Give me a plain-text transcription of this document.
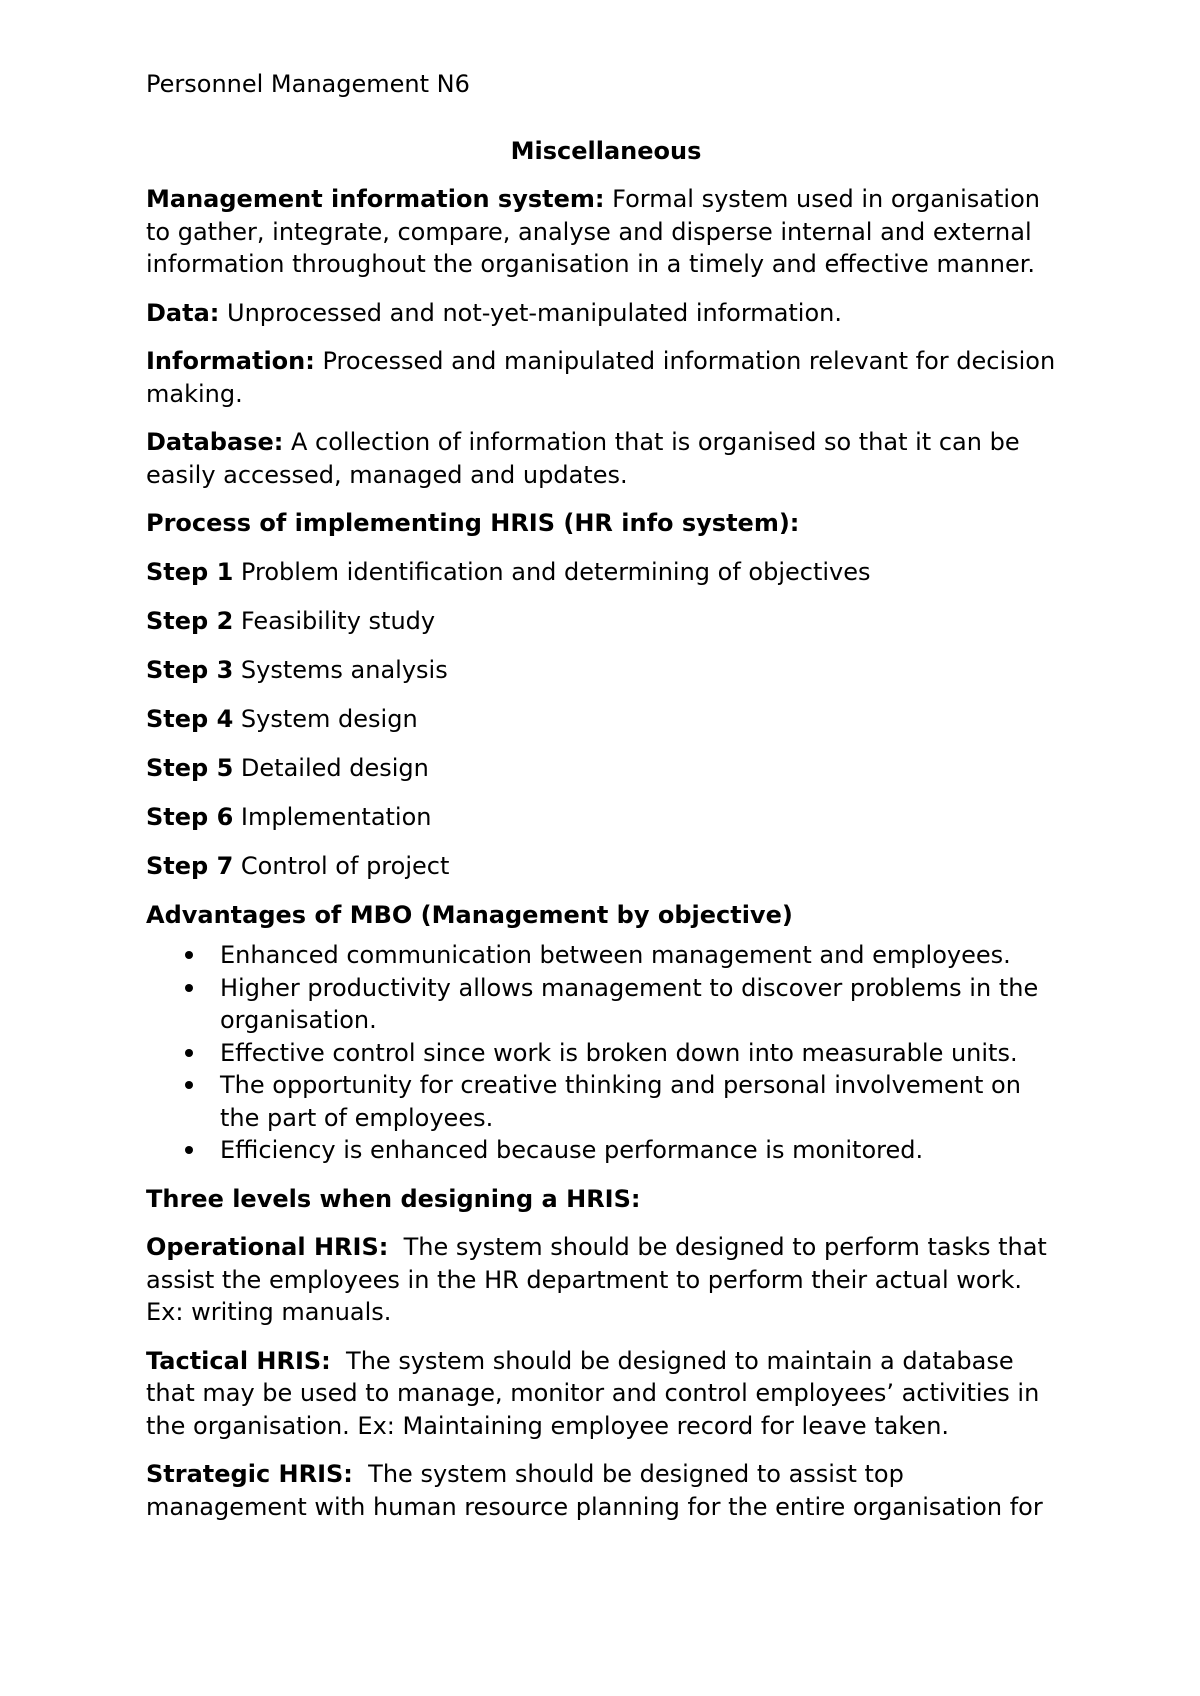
Personnel Management N6
Miscellaneous

Management information system: Formal system used in organisation to gather, integrate, compare, analyse and disperse internal and external information throughout the organisation in a timely and effective manner.

Data: Unprocessed and not-yet-manipulated information.

Information: Processed and manipulated information relevant for decision making.

Database: A collection of information that is organised so that it can be easily accessed, managed and updates.

Process of implementing HRIS (HR info system):
Step 1 Problem identification and determining of objectives
Step 2 Feasibility study
Step 3 Systems analysis
Step 4 System design
Step 5 Detailed design
Step 6 Implementation
Step 7 Control of project
Advantages of MBO (Management by objective)
Enhanced communication between management and employees.
Higher productivity allows management to discover problems in the organisation.
Effective control since work is broken down into measurable units.
The opportunity for creative thinking and personal involvement on the part of employees.
Efficiency is enhanced because performance is monitored.
Three levels when designing a HRIS:

Operational HRIS: The system should be designed to perform tasks that assist the employees in the HR department to perform their actual work. Ex: writing manuals.

Tactical HRIS: The system should be designed to maintain a database that may be used to manage, monitor and control employees’ activities in the organisation. Ex: Maintaining employee record for leave taken.

Strategic HRIS: The system should be designed to assist top management with human resource planning for the entire organisation for
